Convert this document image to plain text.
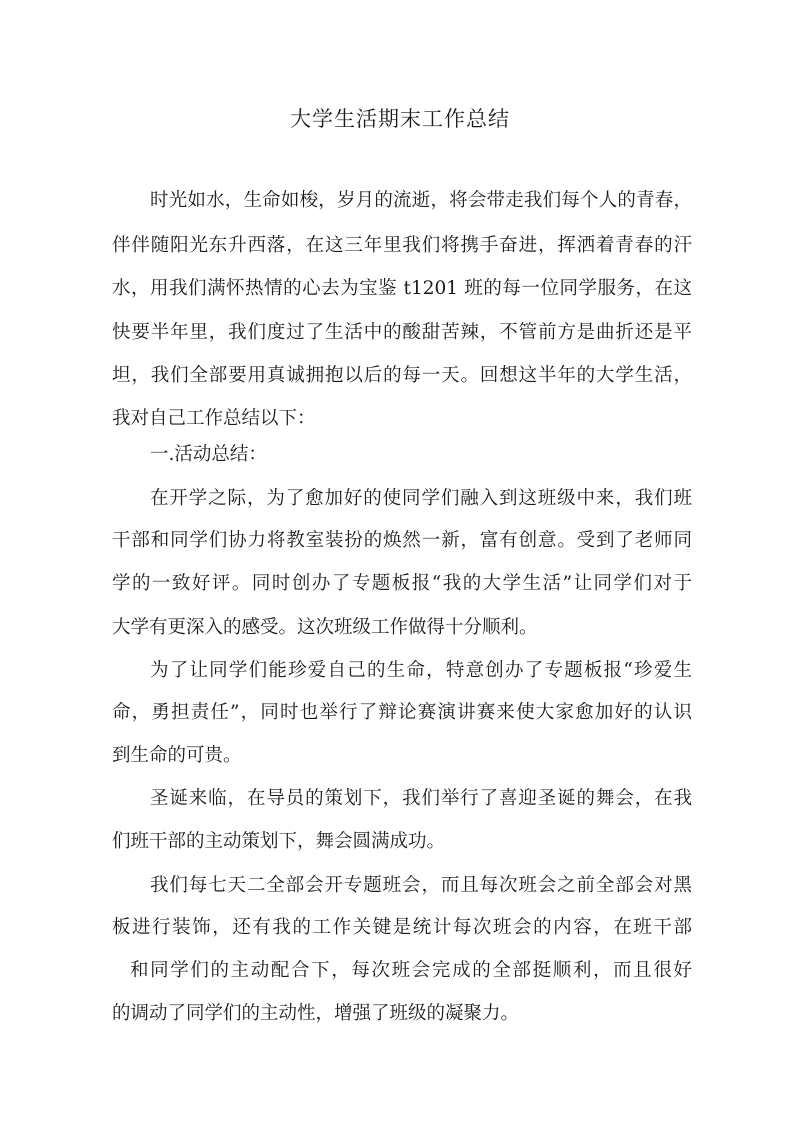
大学生活期末工作总结
时光如水，生命如梭，岁月的流逝，将会带走我们每个人的青春，
伴伴随阳光东升西落，在这三年里我们将携手奋进，挥洒着青春的汗
水，用我们满怀热情的心去为宝鉴 t1201 班的每一位同学服务，在这
快要半年里，我们度过了生活中的酸甜苦辣，不管前方是曲折还是平
坦，我们全部要用真诚拥抱以后的每一天。回想这半年的大学生活，
我对自己工作总结以下：
一.活动总结：
在开学之际，为了愈加好的使同学们融入到这班级中来，我们班
干部和同学们协力将教室装扮的焕然一新，富有创意。受到了老师同
学的一致好评。同时创办了专题板报“我的大学生活”让同学们对于
大学有更深入的感受。这次班级工作做得十分顺利。
为了让同学们能珍爱自己的生命，特意创办了专题板报“珍爱生
命，勇担责任”，同时也举行了辩论赛演讲赛来使大家愈加好的认识
到生命的可贵。
圣诞来临，在导员的策划下，我们举行了喜迎圣诞的舞会，在我
们班干部的主动策划下，舞会圆满成功。
我们每七天二全部会开专题班会，而且每次班会之前全部会对黑
板进行装饰，还有我的工作关键是统计每次班会的内容，在班干部
和同学们的主动配合下，每次班会完成的全部挺顺利，而且很好
的调动了同学们的主动性，增强了班级的凝聚力。
